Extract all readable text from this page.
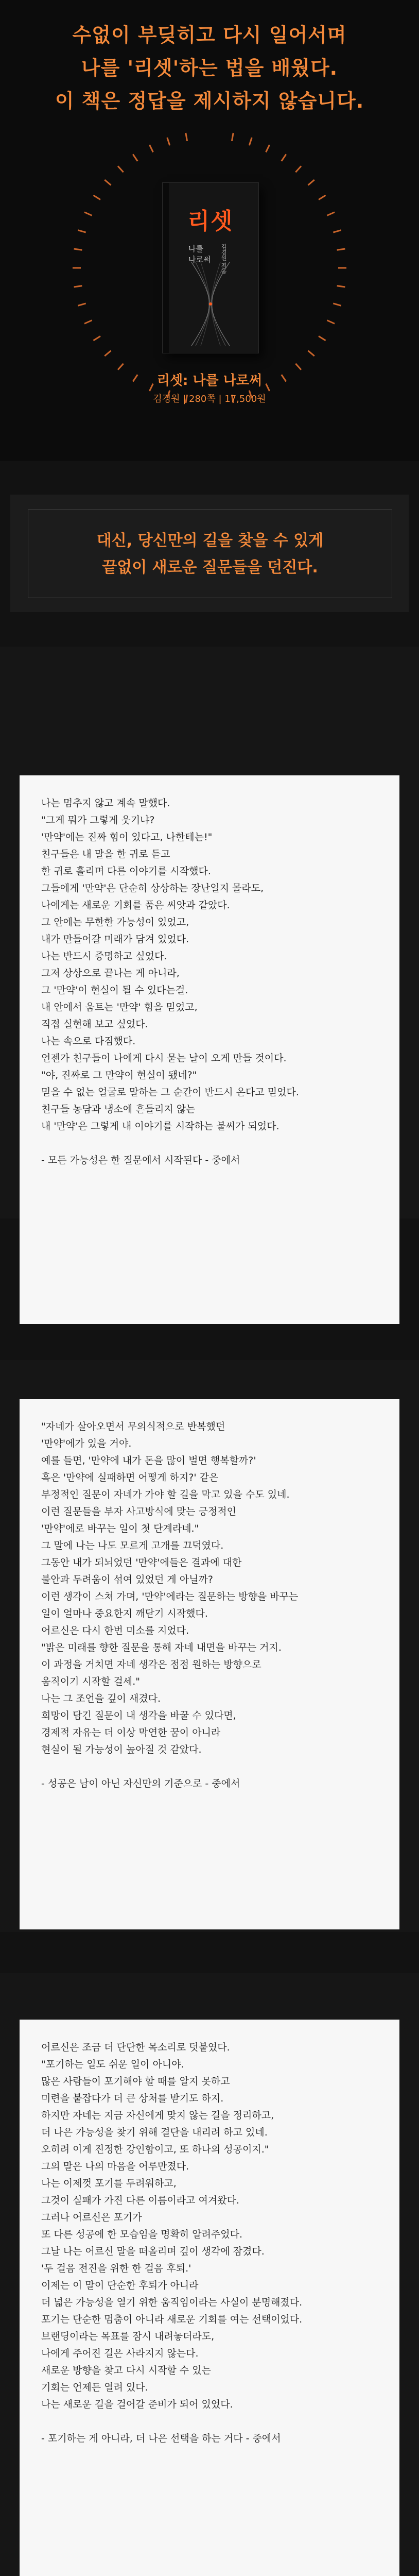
수없이 부딪히고 다시 일어서며
나를 '리셋'하는 법을 배웠다.
이 책은 정답을 제시하지 않습니다.
리셋
나를
나로써 김경원 지음
리셋: 나를 나로써
김경원 | 280쪽 | 17,500원
대신, 당신만의 길을 찾을 수 있게
끝없이 새로운 질문들을 던진다.
나는 멈추지 않고 계속 말했다.
"그게 뭐가 그렇게 웃기냐?
'만약'에는 진짜 힘이 있다고, 나한테는!"
친구들은 내 말을 한 귀로 듣고
한 귀로 흘리며 다른 이야기를 시작했다.
그들에게 '만약'은 단순히 상상하는 장난일지 몰라도,
나에게는 새로운 기회를 품은 씨앗과 같았다.
그 안에는 무한한 가능성이 있었고,
내가 만들어갈 미래가 담겨 있었다.
나는 반드시 증명하고 싶었다.
그저 상상으로 끝나는 게 아니라,
그 '만약'이 현실이 될 수 있다는걸.
내 안에서 움트는 '만약' 힘을 믿었고,
직접 실현해 보고 싶었다.
나는 속으로 다짐했다.
언젠가 친구들이 나에게 다시 묻는 날이 오게 만들 것이다.
"야, 진짜로 그 만약이 현실이 됐네?"
믿을 수 없는 얼굴로 말하는 그 순간이 반드시 온다고 믿었다.
친구들 농담과 냉소에 흔들리지 않는
내 '만약'은 그렇게 내 이야기를 시작하는 불씨가 되었다.
- 모든 가능성은 한 질문에서 시작된다 - 중에서
"자네가 살아오면서 무의식적으로 반복했던
'만약'에가 있을 거야.
예를 들면, '만약에 내가 돈을 많이 벌면 행복할까?'
혹은 '만약에 실패하면 어떻게 하지?' 같은
부정적인 질문이 자네가 가야 할 길을 막고 있을 수도 있네.
이런 질문들을 부자 사고방식에 맞는 긍정적인
'만약'에로 바꾸는 일이 첫 단계라네."
그 말에 나는 나도 모르게 고개를 끄덕였다.
그동안 내가 되뇌었던 '만약'에들은 결과에 대한
불안과 두려움이 섞여 있었던 게 아닐까?
이런 생각이 스쳐 가며, '만약'에라는 질문하는 방향을 바꾸는
일이 얼마나 중요한지 깨닫기 시작했다.
어르신은 다시 한번 미소를 지었다.
"밝은 미래를 향한 질문을 통해 자네 내면을 바꾸는 거지.
이 과정을 거치면 자네 생각은 점점 원하는 방향으로
움직이기 시작할 걸세."
나는 그 조언을 깊이 새겼다.
희망이 담긴 질문이 내 생각을 바꿀 수 있다면,
경제적 자유는 더 이상 막연한 꿈이 아니라
현실이 될 가능성이 높아질 것 같았다.
- 성공은 남이 아닌 자신만의 기준으로 - 중에서
어르신은 조금 더 단단한 목소리로 덧붙였다.
"포기하는 일도 쉬운 일이 아니야.
많은 사람들이 포기해야 할 때를 알지 못하고
미련을 붙잡다가 더 큰 상처를 받기도 하지.
하지만 자네는 지금 자신에게 맞지 않는 길을 정리하고,
더 나은 가능성을 찾기 위해 결단을 내리려 하고 있네.
오히려 이게 진정한 강인함이고, 또 하나의 성공이지."
그의 말은 나의 마음을 어루만졌다.
나는 이제껏 포기를 두려워하고,
그것이 실패가 가진 다른 이름이라고 여겨왔다.
그러나 어르신은 포기가
또 다른 성공에 한 모습임을 명확히 알려주었다.
그날 나는 어르신 말을 떠올리며 깊이 생각에 잠겼다.
'두 걸음 전진을 위한 한 걸음 후퇴.'
이제는 이 말이 단순한 후퇴가 아니라
더 넓은 가능성을 열기 위한 움직임이라는 사실이 분명해졌다.
포기는 단순한 멈춤이 아니라 새로운 기회를 여는 선택이었다.
브랜딩이라는 목표를 잠시 내려놓더라도,
나에게 주어진 길은 사라지지 않는다.
새로운 방향을 찾고 다시 시작할 수 있는
기회는 언제든 열려 있다.
나는 새로운 길을 걸어갈 준비가 되어 있었다.
- 포기하는 게 아니라, 더 나은 선택을 하는 거다 - 중에서
